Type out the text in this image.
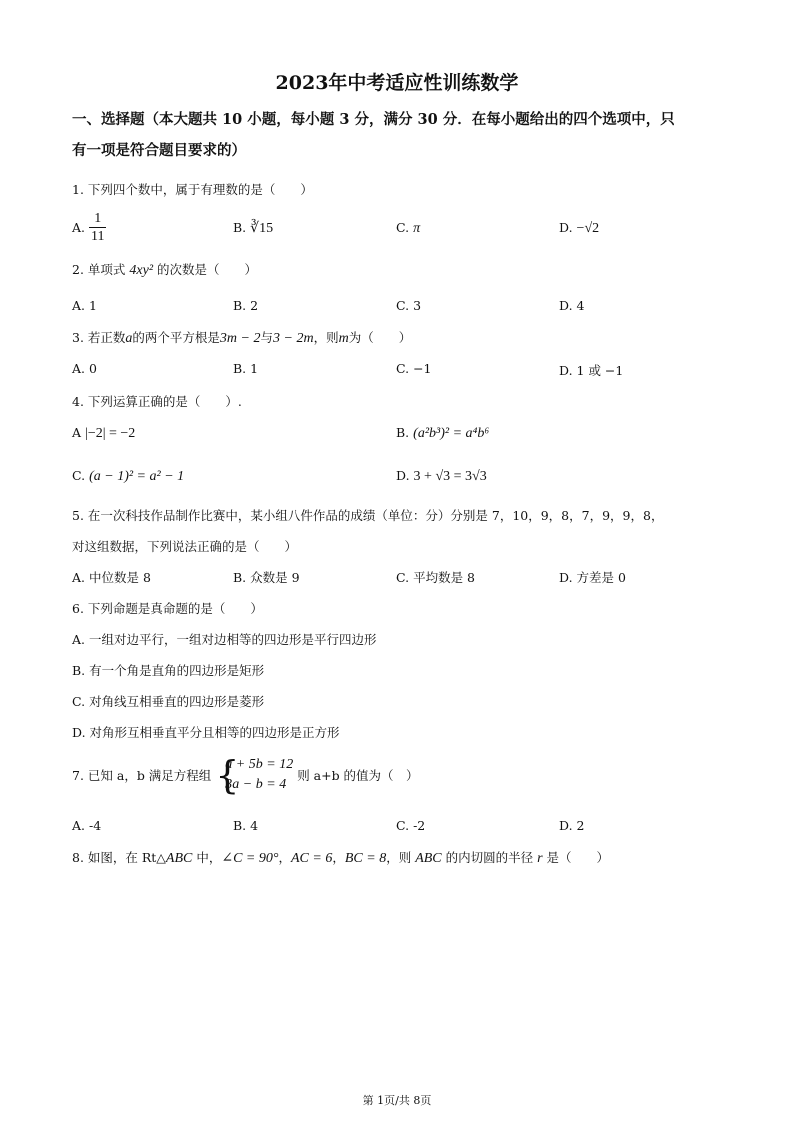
2023年中考适应性训练数学
一、选择题（本大题共 10 小题，每小题 3 分，满分 30 分．在每小题给出的四个选项中，只
有一项是符合题目要求的）
1. 下列四个数中，属于有理数的是（　　）
A. $\frac{1}{11}$	B. ∛15	C. π	D. −√2
2. 单项式 4xy² 的次数是（　　）
A. 1	B. 2	C. 3	D. 4
3. 若正数a的两个平方根是3m − 2与3 − 2m，则m为（　　）
A. 0	B. 1	C. −1	D. 1 或 −1
4. 下列运算正确的是（　　）.
A |−2| = −2	B. (a²b³)² = a⁴b⁶
C. (a − 1)² = a² − 1	D. 3 + √3 = 3√3
5. 在一次科技作品制作比赛中，某小组八件作品的成绩（单位：分）分别是 7，10，9，8，7，9，9，8，
对这组数据，下列说法正确的是（　　）
A. 中位数是 8	B. 众数是 9	C. 平均数是 8	D. 方差是 0
6. 下列命题是真命题的是（　　）
A. 一组对边平行，一组对边相等的四边形是平行四边形
B. 有一个角是直角的四边形是矩形
C. 对角线互相垂直的四边形是菱形
D. 对角形互相垂直平分且相等的四边形是正方形
7. 已知 a，b 满足方程组 {
a + 5b = 12
3a − b = 4
则 a+b 的值为（　）
A. ‐4	B. 4	C. ‐2	D. 2
8. 如图，在 Rt△ABC 中，∠C = 90°，AC = 6，BC = 8，则 ABC 的内切圆的半径 r 是（　　）
第 1页/共 8页
